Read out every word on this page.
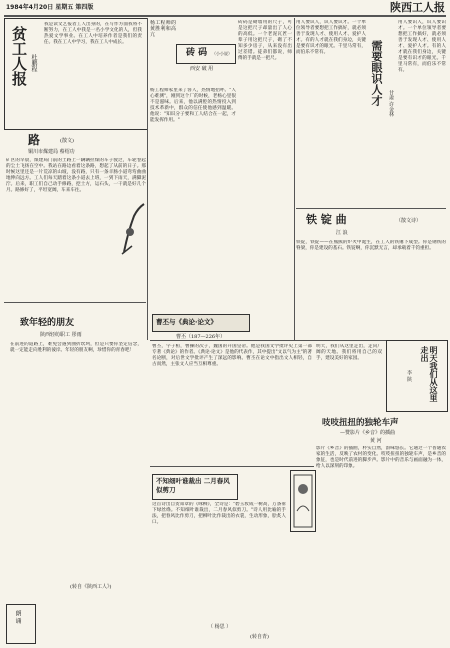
1984年4月20日 星期五 第四版	陕西工人报
贫工人报 杜鹏程
我是读文艺报者工人出身的，在写作方面我将不断努力，在工人中我是一名小学文化的人，但我热爱文学事业。在工人中培养作者是我们的责任。我在工人中学习，我在工人中成长。
路	(散文)
铜川市煤建局 蔡绍功
矿区的早晨，煤建局门前的土路上一辆辆拉煤的车子驶过，车轮卷起的尘土飞扬在空中。我站在路边看着这条路，想起了从前的日子。那时候这里还是一片荒凉的山坡，没有路，只有一条羊肠小道弯弯曲曲地伸向远方。工人们每天踏着这条小道去上班，一到下雨天，满脚泥泞。后来，职工们自己动手修路，挖土方，运石头，一干就是好几个月。路修好了，平坦宽阔，车来车往。
致年轻的朋友
陕西轻纺职工 彤雨
在前进的道路上，难免会遇到曲折坎坷，但是只要你坚定信念，就一定能走向胜利的彼岸。年轻的朋友啊，珍惜你的青春吧！
(转自《陕西工人》)
朗 诵
杨工程师的黄胜利和高亢
杨工程师家里来了客人，热情地招呼。"人心难测"，刚到这个厂的时候，老杨心里很不是滋味。后来，他以满腔的热情投入到技术革新中，群众的信任使他感到温暖。他说："知识分子要和工人结合在一起，才能发挥作用。"
砖 码 （小小说）
西安 破 用
砖码是砌墙用的尺子，可是这把尺子却量出了人心的高低。一个老泥瓦匠一辈子用这把尺子，砌了不知多少房子，从来没有出过差错。徒弟们都说，师傅的手就是一把尺。
用人要识人，识人要识才。一个单位领导者要想把工作搞好，就必须善于发现人才、使用人才、爱护人才。有的人才就在我们身边，关键是要有识才的眼光。千里马常有，而伯乐不常有。	需要眼识人才 甘肃 许金林
用人要识人，识人要识才。一个单位领导者要想把工作搞好，就必须善于发现人才、使用人才、爱护人才。有的人才就在我们身边，关键是要有识才的眼光。千里马常有，而伯乐不常有。
铁 锭 曲	（散文诗）
江 浪
铁锭，铁锭——在熊熊的炉火中诞生，在工人的铁锤下成型。你是钢铁的脊梁，你是建设的基石。铁锭啊，你沉默无言，却承载着千钧重担。
曹丕与《典论·论文》
曹丕（187—226年）
曹丕，字子桓，曹操的次子，魏国的开国皇帝。他是我国文学批评史上第一部专著《典论》的作者。《典论·论文》是他的代表作，其中提出"文以气为主"的著名论断，对后世文学批评产生了深远的影响。曹丕在论文中指出文人相轻，自古而然，主张文人应当互相尊重。	明天我们从这里走出
李 陕
明天，我们从这里走出，走向广阔的天地。我们将用自己的双手，建设美好的家园。
吱吱扭扭的独轮车声
—赞影片《乡音》的插曲
黄 河
影片《乡音》的插曲，朴实自然，韵味悠长。它通过一个普通农家的生活，反映了农村的变化。吱吱扭扭的独轮车声，是乡音的象征，也是时代前进的脚步声。影片中的音乐与画面融为一体，给人以深刻的印象。
不知细叶谁裁出 二月春风似剪刀
这首诗出自贺知章的《咏柳》，全诗是："碧玉妆成一树高，万条垂下绿丝绦。不知细叶谁裁出，二月春风似剪刀。"诗人用比喻的手法，把春风比作剪刀，把柳叶比作裁出的衣裳，生动形象，脍炙人口。
（ 杨思 ）
(转自青)
